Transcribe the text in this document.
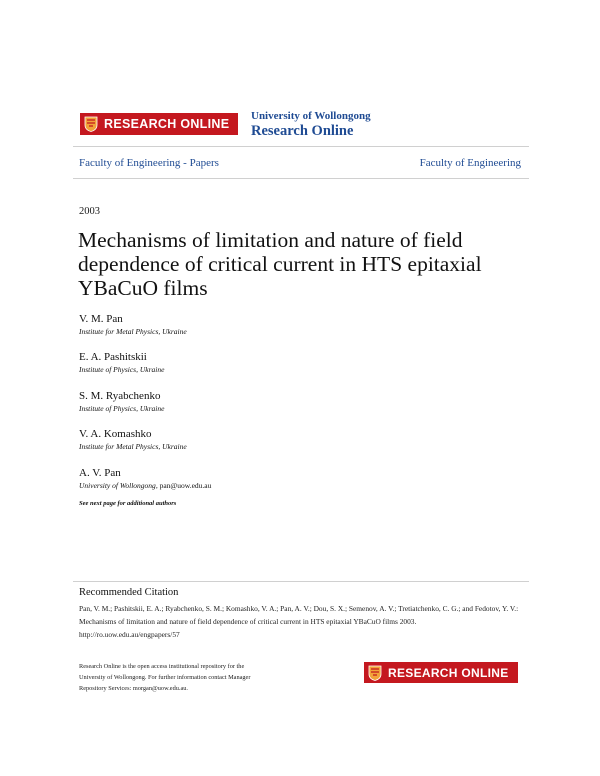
RESEARCH ONLINE
University of Wollongong
Research Online
Faculty of Engineering - Papers	Faculty of Engineering
2003
Mechanisms of limitation and nature of field dependence of critical current in HTS epitaxial YBaCuO films
V. M. Pan
Institute for Metal Physics, Ukraine
E. A. Pashitskii
Institute of Physics, Ukraine
S. M. Ryabchenko
Institute of Physics, Ukraine
V. A. Komashko
Institute for Metal Physics, Ukraine
A. V. Pan
University of Wollongong, pan@uow.edu.au
See next page for additional authors
Recommended Citation
Pan, V. M.; Pashitskii, E. A.; Ryabchenko, S. M.; Komashko, V. A.; Pan, A. V.; Dou, S. X.; Semenov, A. V.; Tretiatchenko, C. G.; and Fedotov, Y. V.: Mechanisms of limitation and nature of field dependence of critical current in HTS epitaxial YBaCuO films 2003.
http://ro.uow.edu.au/engpapers/57
Research Online is the open access institutional repository for the
University of Wollongong. For further information contact Manager
Repository Services: morgan@uow.edu.au.
RESEARCH ONLINE
